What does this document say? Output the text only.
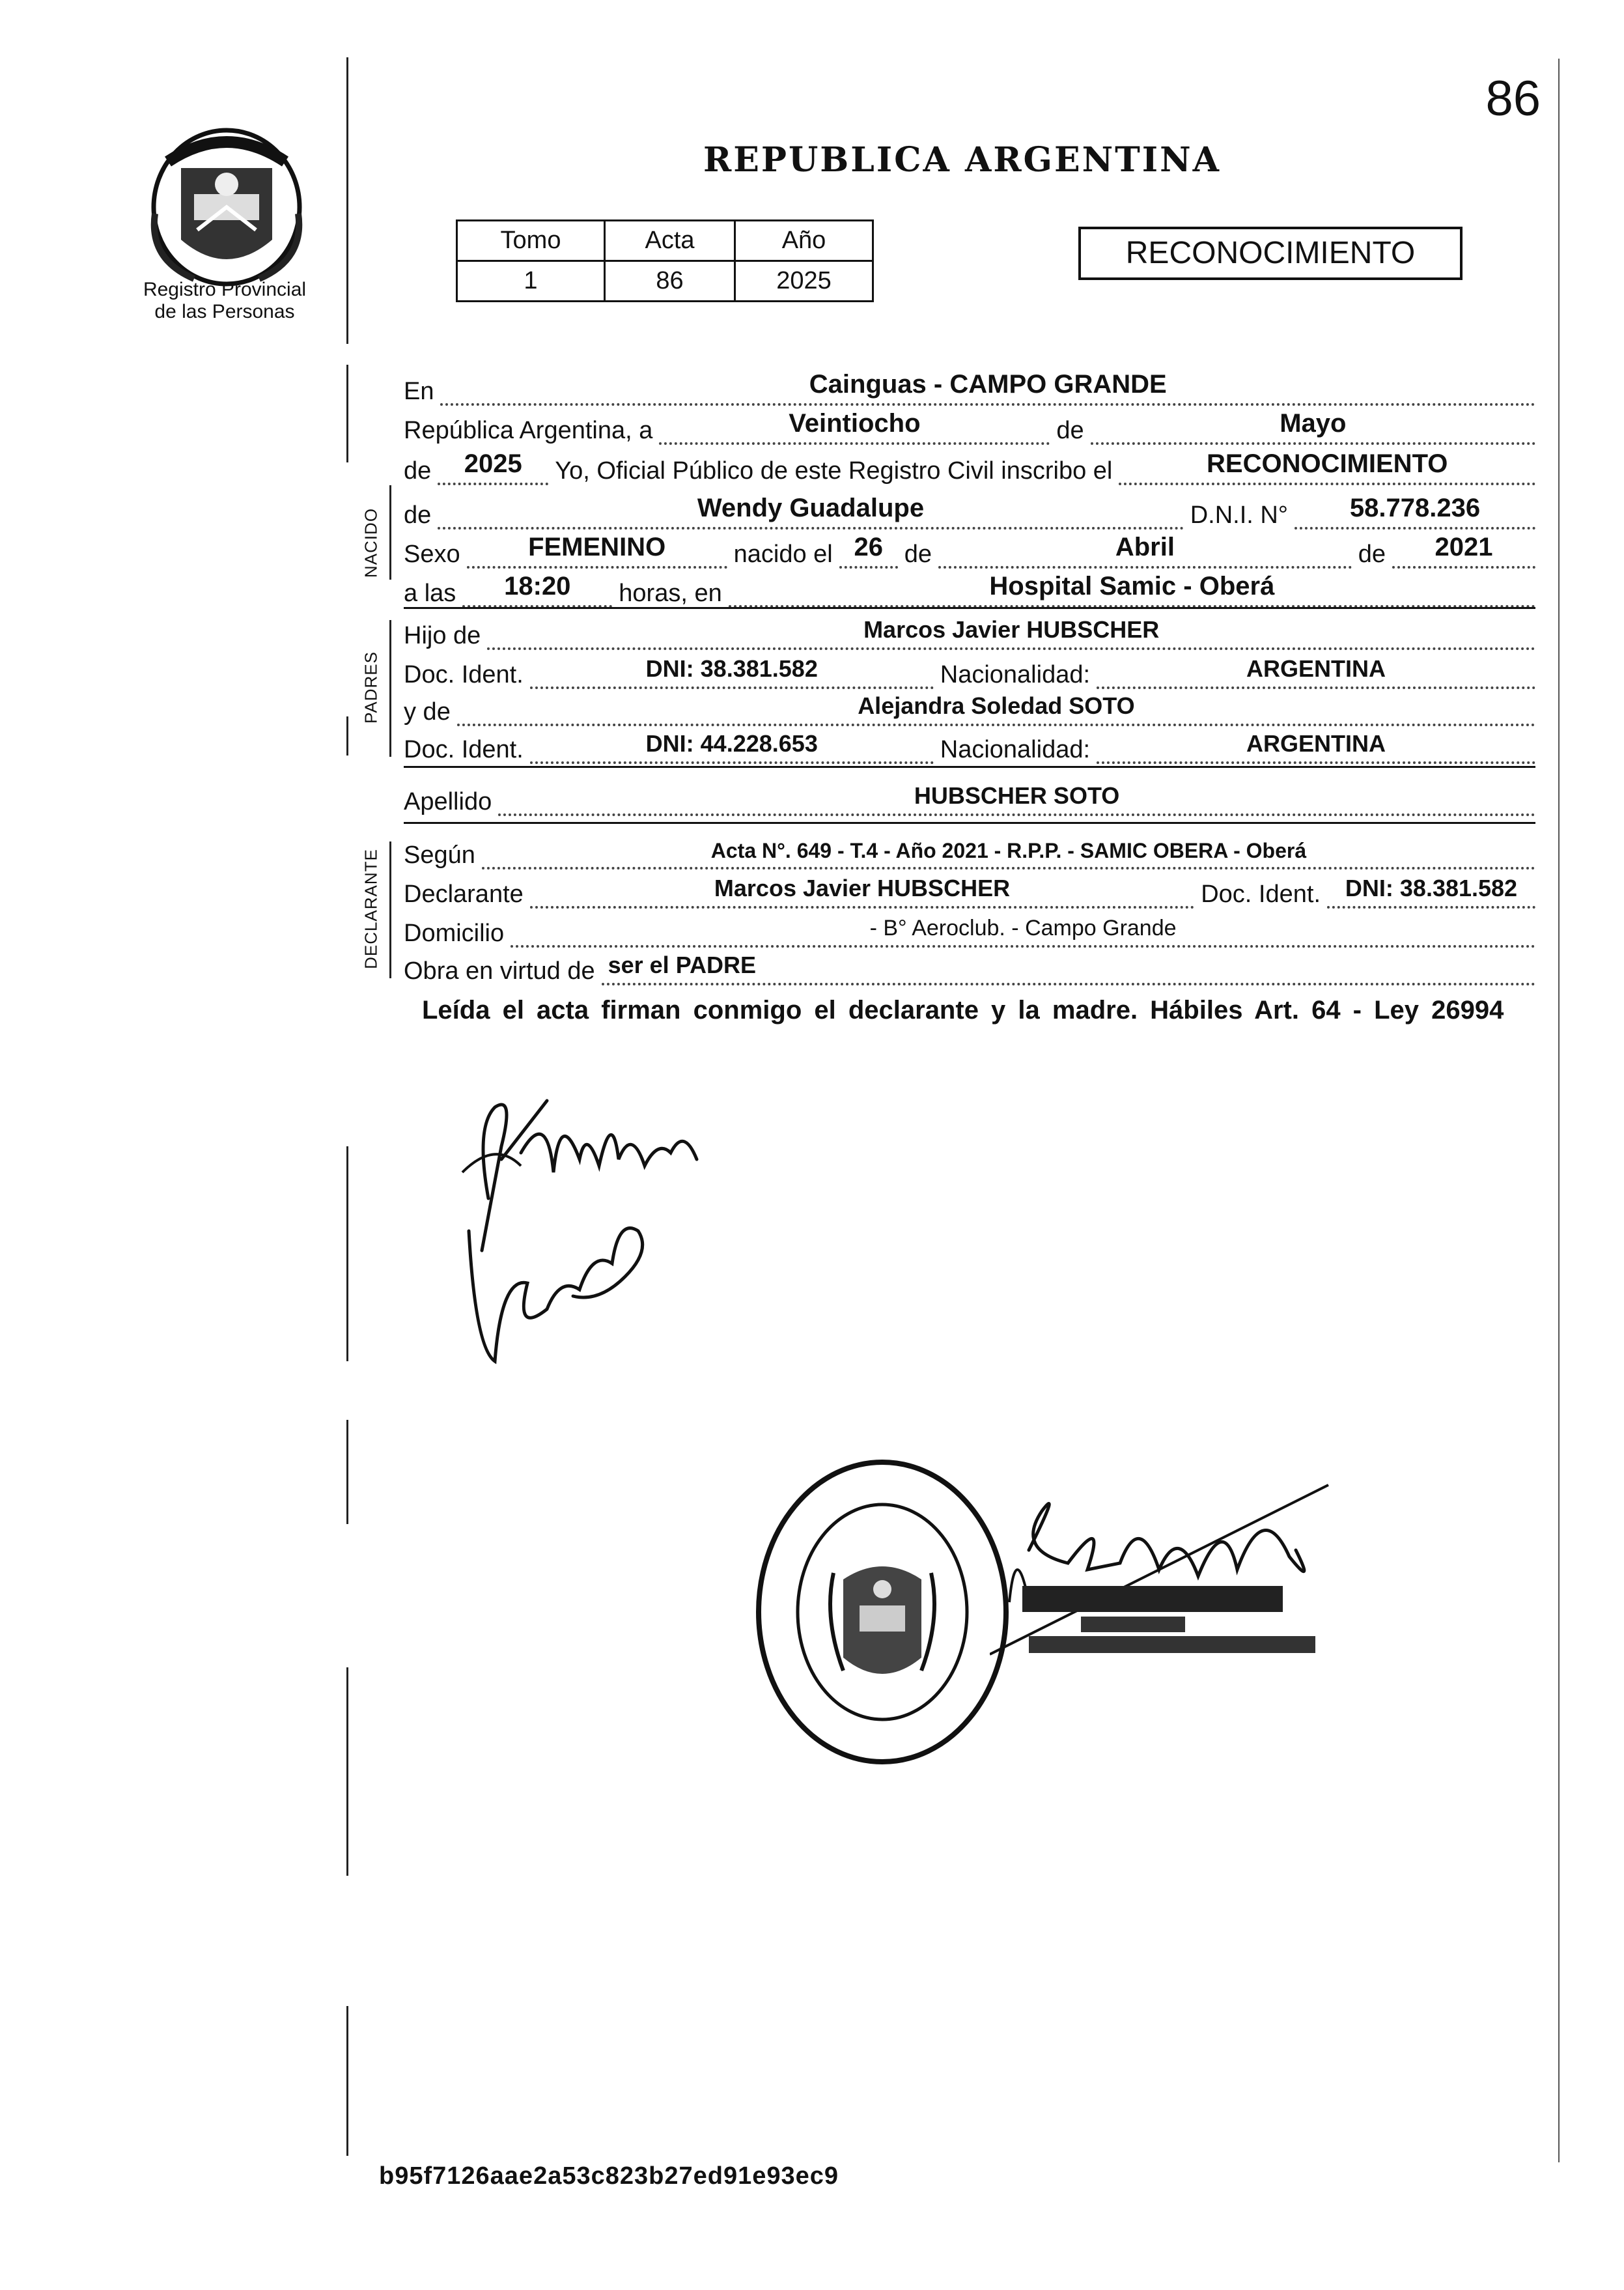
86
Registro Provincial
de las Personas
REPUBLICA ARGENTINA
Tomo	Acta	Año
1	86	2025
RECONOCIMIENTO
NACIDO
PADRES
DECLARANTE
En	Cainguas - CAMPO GRANDE
República Argentina, a	Veintiocho	de	Mayo
de	2025	Yo, Oficial Público de este Registro Civil inscribo el	RECONOCIMIENTO
de	Wendy Guadalupe	D.N.I. N°	58.778.236
Sexo	FEMENINO	nacido el 26 de	Abril	de	2021
a las	18:20	horas, en	Hospital Samic - Oberá
Hijo de	Marcos Javier HUBSCHER
Doc. Ident.	DNI: 38.381.582	Nacionalidad:	ARGENTINA
y de	Alejandra Soledad SOTO
Doc. Ident.	DNI: 44.228.653	Nacionalidad:	ARGENTINA
Apellido	HUBSCHER SOTO
Según	Acta N°. 649 - T.4 - Año 2021 - R.P.P. - SAMIC OBERA - Oberá
Declarante	Marcos Javier HUBSCHER	Doc. Ident.	DNI: 38.381.582
Domicilio	- B° Aeroclub. - Campo Grande
Obra en virtud de ser el PADRE
Leída el acta firman conmigo el declarante y la madre. Hábiles Art. 64 - Ley 26994
b95f7126aae2a53c823b27ed91e93ec9
